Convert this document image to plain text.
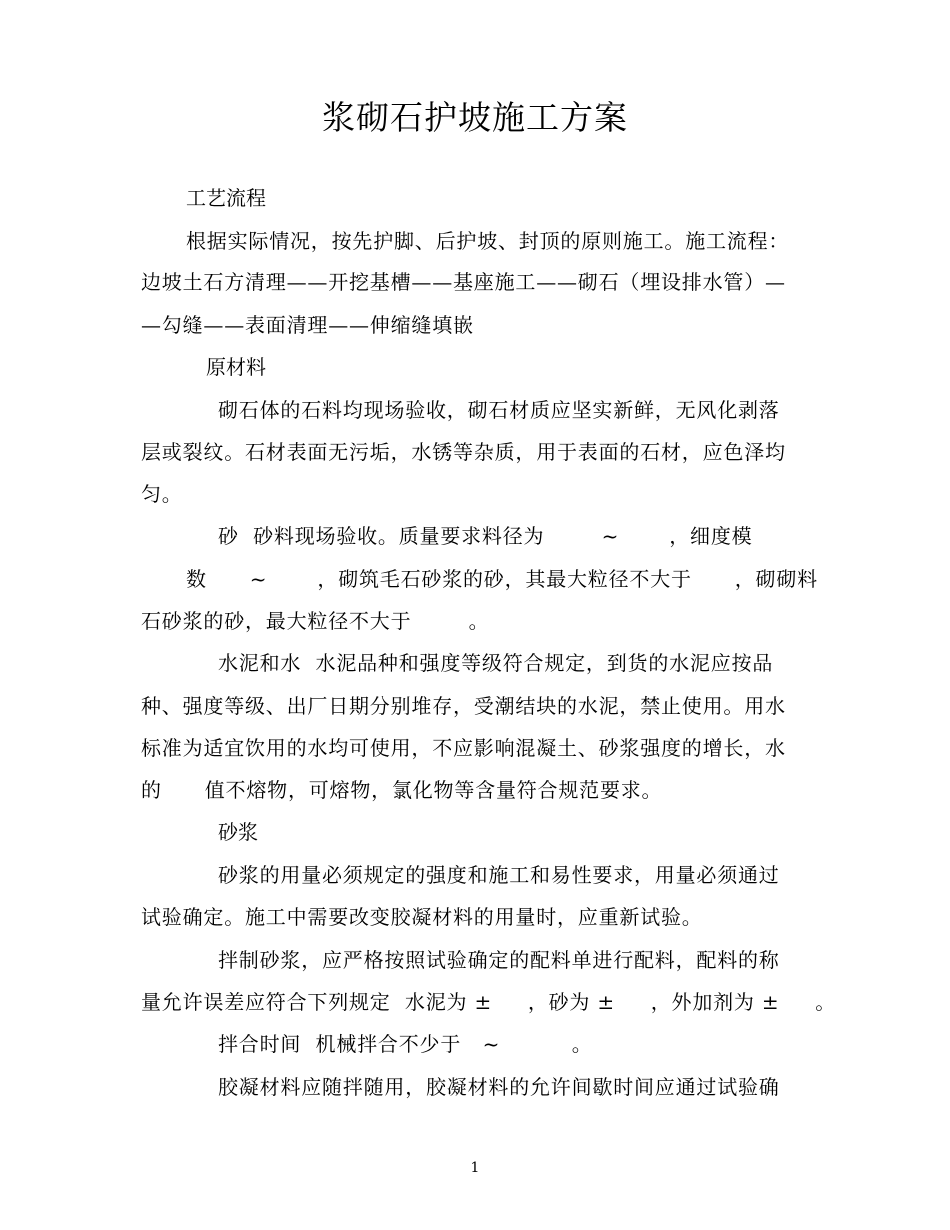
浆砌石护坡施工方案
工艺流程
根据实际情况，按先护脚、后护坡、封顶的原则施工。施工流程：
边坡土石方清理——开挖基槽——基座施工——砌石（埋设排水管）—
—勾缝——表面清理——伸缩缝填嵌
原材料
砌石体的石料均现场验收，砌石材质应坚实新鲜，无风化剥落
层或裂纹。石材表面无污垢，水锈等杂质，用于表面的石材，应色泽均
匀。
砂  砂料现场验收。质量要求料径为        ~       ，细度模
数      ~       ，砌筑毛石砂浆的砂，其最大粒径不大于      ，砌砌料
石砂浆的砂，最大粒径不大于        。
水泥和水  水泥品种和强度等级符合规定，到货的水泥应按品
种、强度等级、出厂日期分别堆存，受潮结块的水泥，禁止使用。用水
标准为适宜饮用的水均可使用，不应影响混凝土、砂浆强度的增长，水
的      值不熔物，可熔物，氯化物等含量符合规范要求。
砂浆
砂浆的用量必须规定的强度和施工和易性要求，用量必须通过
试验确定。施工中需要改变胶凝材料的用量时，应重新试验。
拌制砂浆，应严格按照试验确定的配料单进行配料，配料的称
量允许误差应符合下列规定  水泥为 ±     ，砂为 ±     ，外加剂为 ±     。
拌合时间  机械拌合不少于   ~          。
胶凝材料应随拌随用，胶凝材料的允许间歇时间应通过试验确
1
